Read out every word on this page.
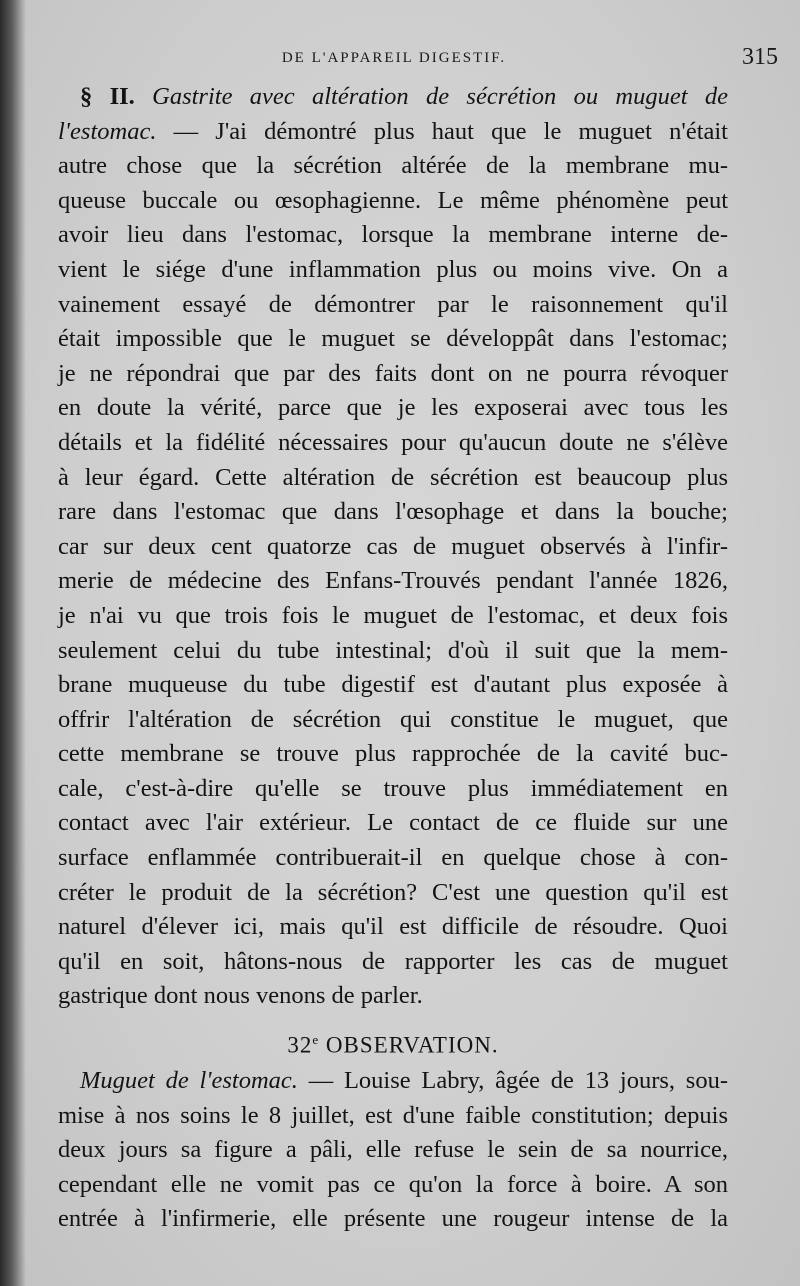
DE L'APPAREIL DIGESTIF.	315
§ II. Gastrite avec altération de sécrétion ou muguet de
l'estomac. — J'ai démontré plus haut que le muguet n'était
autre chose que la sécrétion altérée de la membrane mu-
queuse buccale ou œsophagienne. Le même phénomène peut
avoir lieu dans l'estomac, lorsque la membrane interne de-
vient le siége d'une inflammation plus ou moins vive. On a
vainement essayé de démontrer par le raisonnement qu'il
était impossible que le muguet se développât dans l'estomac;
je ne répondrai que par des faits dont on ne pourra révoquer
en doute la vérité, parce que je les exposerai avec tous les
détails et la fidélité nécessaires pour qu'aucun doute ne s'élève
à leur égard. Cette altération de sécrétion est beaucoup plus
rare dans l'estomac que dans l'œsophage et dans la bouche;
car sur deux cent quatorze cas de muguet observés à l'infir-
merie de médecine des Enfans-Trouvés pendant l'année 1826,
je n'ai vu que trois fois le muguet de l'estomac, et deux fois
seulement celui du tube intestinal; d'où il suit que la mem-
brane muqueuse du tube digestif est d'autant plus exposée à
offrir l'altération de sécrétion qui constitue le muguet, que
cette membrane se trouve plus rapprochée de la cavité buc-
cale, c'est-à-dire qu'elle se trouve plus immédiatement en
contact avec l'air extérieur. Le contact de ce fluide sur une
surface enflammée contribuerait-il en quelque chose à con-
créter le produit de la sécrétion? C'est une question qu'il est
naturel d'élever ici, mais qu'il est difficile de résoudre. Quoi
qu'il en soit, hâtons-nous de rapporter les cas de muguet
gastrique dont nous venons de parler.
32e OBSERVATION.
Muguet de l'estomac. — Louise Labry, âgée de 13 jours, sou-
mise à nos soins le 8 juillet, est d'une faible constitution; depuis
deux jours sa figure a pâli, elle refuse le sein de sa nourrice,
cependant elle ne vomit pas ce qu'on la force à boire. A son
entrée à l'infirmerie, elle présente une rougeur intense de la
